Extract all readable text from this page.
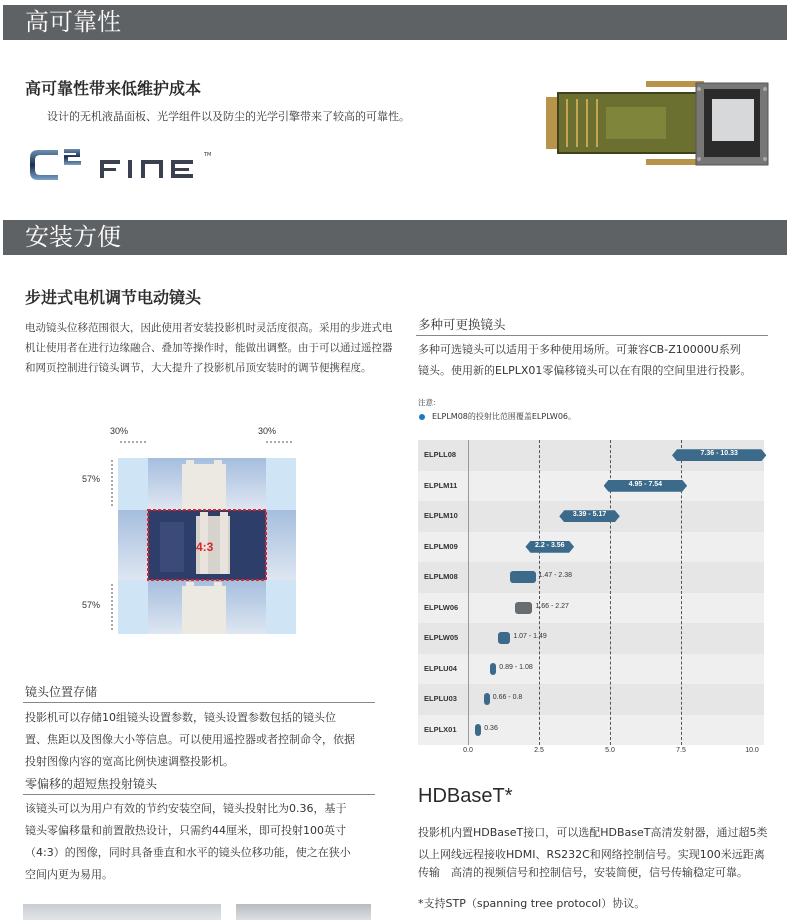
高可靠性
高可靠性带来低维护成本
设计的无机液晶面板、光学组件以及防尘的光学引擎带来了较高的可靠性。
TM
安装方便
步进式电机调节电动镜头
电动镜头位移范围很大，因此使用者安装投影机时灵活度很高。采用的步进式电
机让使用者在进行边缘融合、叠加等操作时，能做出调整。由于可以通过遥控器
和网页控制进行镜头调节，大大提升了投影机吊顶安装时的调节便携程度。
30%	30%
57%
57%
4:3
镜头位置存储
投影机可以存储10组镜头设置参数，镜头设置参数包括的镜头位
置、焦距以及图像大小等信息。可以使用遥控器或者控制命令，依据
投射图像内容的宽高比例快速调整投影机。
零偏移的超短焦投射镜头
该镜头可以为用户有效的节约安装空间，镜头投射比为0.36，基于
镜头零偏移量和前置散热设计，只需约44厘米，即可投射100英寸
（4:3）的图像，同时具备垂直和水平的镜头位移功能，使之在狭小
空间内更为易用。
多种可更换镜头
多种可选镜头可以适用于多种使用场所。可兼容CB-Z10000U系列
镜头。使用新的ELPLX01零偏移镜头可以在有限的空间里进行投影。
注意：
ELPLM08的投射比范围覆盖ELPLW06。
ELPLL08
ELPLM11
ELPLM10
ELPLM09
ELPLM08
ELPLW06
ELPLW05
ELPLU04
ELPLU03
ELPLX01
HDBaseT*
投影机内置HDBaseT接口，可以选配HDBaseT高清发射器，通过超5类
以上网线远程接收HDMI、RS232C和网络控制信号。实现100米远距离
传输　高清的视频信号和控制信号，安装简便，信号传输稳定可靠。
*支持STP（spanning tree protocol）协议。
0.0	2.5	5.0	7.5	10.0
7.36 - 10.33
4.95 - 7.54
3.39 - 5.17
2.2 - 3.56
1.47 - 2.38
1.66 - 2.27
1.07 - 1.49
0.89 - 1.08
0.66 - 0.8
0.36
